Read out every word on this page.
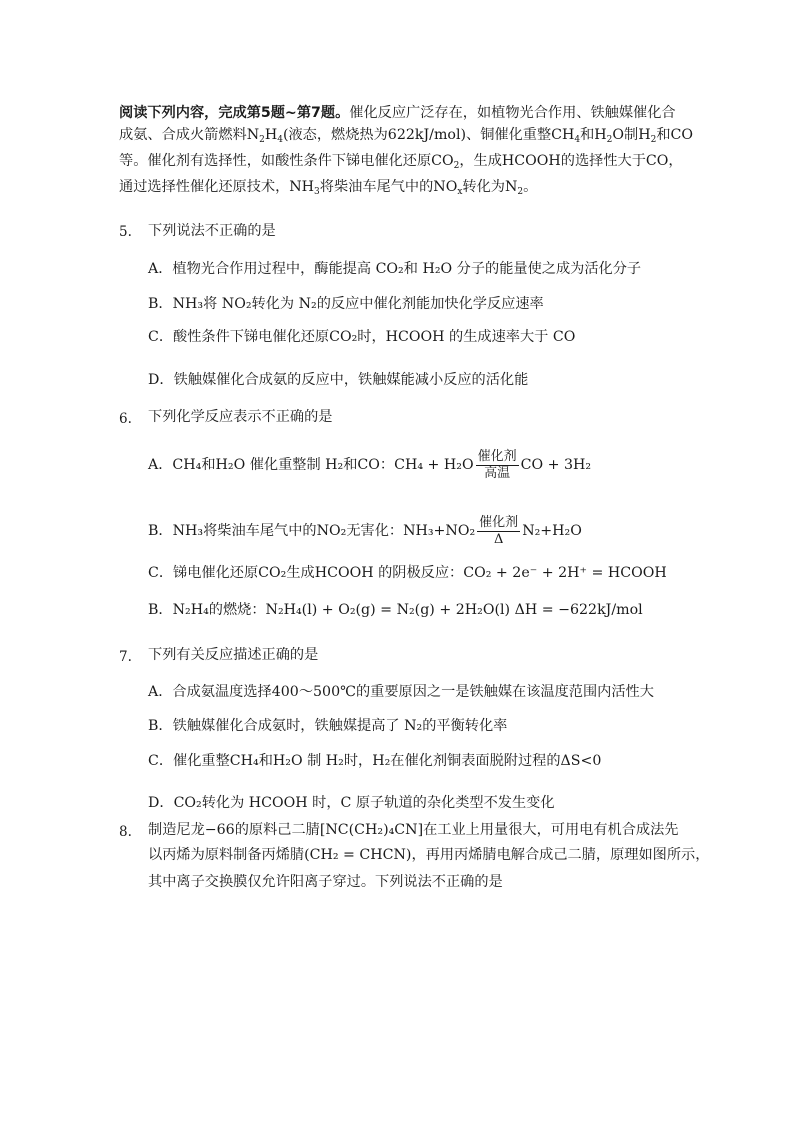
阅读下列内容，完成第5题~第7题。催化反应广泛存在，如植物光合作用、铁触媒催化合
成氨、合成火箭燃料$N_2H_4$(液态，燃烧热为622kJ/mol)、铜催化重整$CH_4$和$H_2O$制$H_2$和CO
等。催化剂有选择性，如酸性条件下锑电催化还原$CO_2$，生成HCOOH的选择性大于CO，
通过选择性催化还原技术，$NH_3$将柴油车尾气中的$NO_x$转化为$N_2$。
5. 下列说法不正确的是
A．植物光合作用过程中，酶能提高 CO₂和 H₂O 分子的能量使之成为活化分子
B．NH₃将 NO₂转化为 N₂的反应中催化剂能加快化学反应速率
C．酸性条件下锑电催化还原CO₂时，HCOOH 的生成速率大于 CO
D．铁触媒催化合成氨的反应中，铁触媒能减小反应的活化能
6. 下列化学反应表示不正确的是
A．CH₄和H₂O 催化重整制 H₂和CO：$CH_4 + H_2O \frac{\text{催化剂}}{\text{高温}}$ CO + 3H₂
B．NH₃将柴油车尾气中的NO₂无害化：$NH_3+NO_2 \frac{\text{催化剂}}{\Delta} N_2+H_2O$
C．锑电催化还原CO₂生成HCOOH 的阴极反应：CO₂ + 2e⁻ + 2H⁺ = HCOOH
B．N₂H₄的燃烧：N₂H₄(l) + O₂(g) = N₂(g) + 2H₂O(l) ΔH = −622kJ/mol
7. 下列有关反应描述正确的是
A．合成氨温度选择400～500℃的重要原因之一是铁触媒在该温度范围内活性大
B．铁触媒催化合成氨时，铁触媒提高了 N₂的平衡转化率
C．催化重整CH₄和H₂O 制 H₂时，H₂在催化剂铜表面脱附过程的ΔS<0
D．CO₂转化为 HCOOH 时，C 原子轨道的杂化类型不发生变化
8. 制造尼龙−66的原料己二腈[NC(CH₂)₄CN]在工业上用量很大，可用电有机合成法先
以丙烯为原料制备丙烯腈(CH₂ = CHCN)，再用丙烯腈电解合成己二腈，原理如图所示，
其中离子交换膜仅允许阳离子穿过。下列说法不正确的是
